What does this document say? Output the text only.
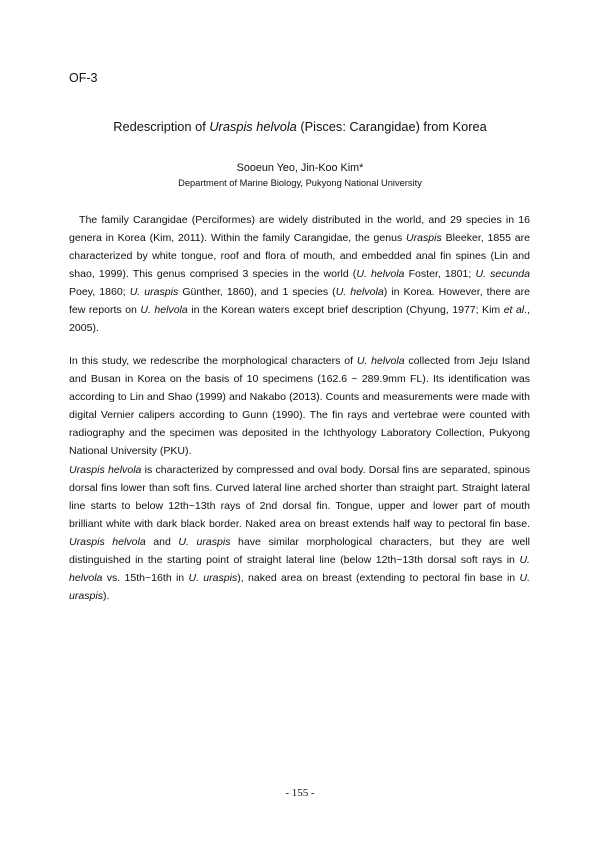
OF-3
Redescription of Uraspis helvola (Pisces: Carangidae) from Korea
Sooeun Yeo, Jin-Koo Kim*
Department of Marine Biology, Pukyong National University
The family Carangidae (Perciformes) are widely distributed in the world, and 29 species in 16 genera in Korea (Kim, 2011). Within the family Carangidae, the genus Uraspis Bleeker, 1855 are characterized by white tongue, roof and flora of mouth, and embedded anal fin spines (Lin and shao, 1999). This genus comprised 3 species in the world (U. helvola Foster, 1801; U. secunda Poey, 1860; U. uraspis Günther, 1860), and 1 species (U. helvola) in Korea. However, there are few reports on U. helvola in the Korean waters except brief description (Chyung, 1977; Kim et al., 2005).
In this study, we redescribe the morphological characters of U. helvola collected from Jeju Island and Busan in Korea on the basis of 10 specimens (162.6 ~ 289.9mm FL). Its identification was according to Lin and Shao (1999) and Nakabo (2013). Counts and measurements were made with digital Vernier calipers according to Gunn (1990). The fin rays and vertebrae were counted with radiography and the specimen was deposited in the Ichthyology Laboratory Collection, Pukyong National University (PKU).
Uraspis helvola is characterized by compressed and oval body. Dorsal fins are separated, spinous dorsal fins lower than soft fins. Curved lateral line arched shorter than straight part. Straight lateral line starts to below 12th~13th rays of 2nd dorsal fin. Tongue, upper and lower part of mouth brilliant white with dark black border. Naked area on breast extends half way to pectoral fin base. Uraspis helvola and U. uraspis have similar morphological characters, but they are well distinguished in the starting point of straight lateral line (below 12th~13th dorsal soft rays in U. helvola vs. 15th~16th in U. uraspis), naked area on breast (extending to pectoral fin base in U. uraspis).
- 155 -
